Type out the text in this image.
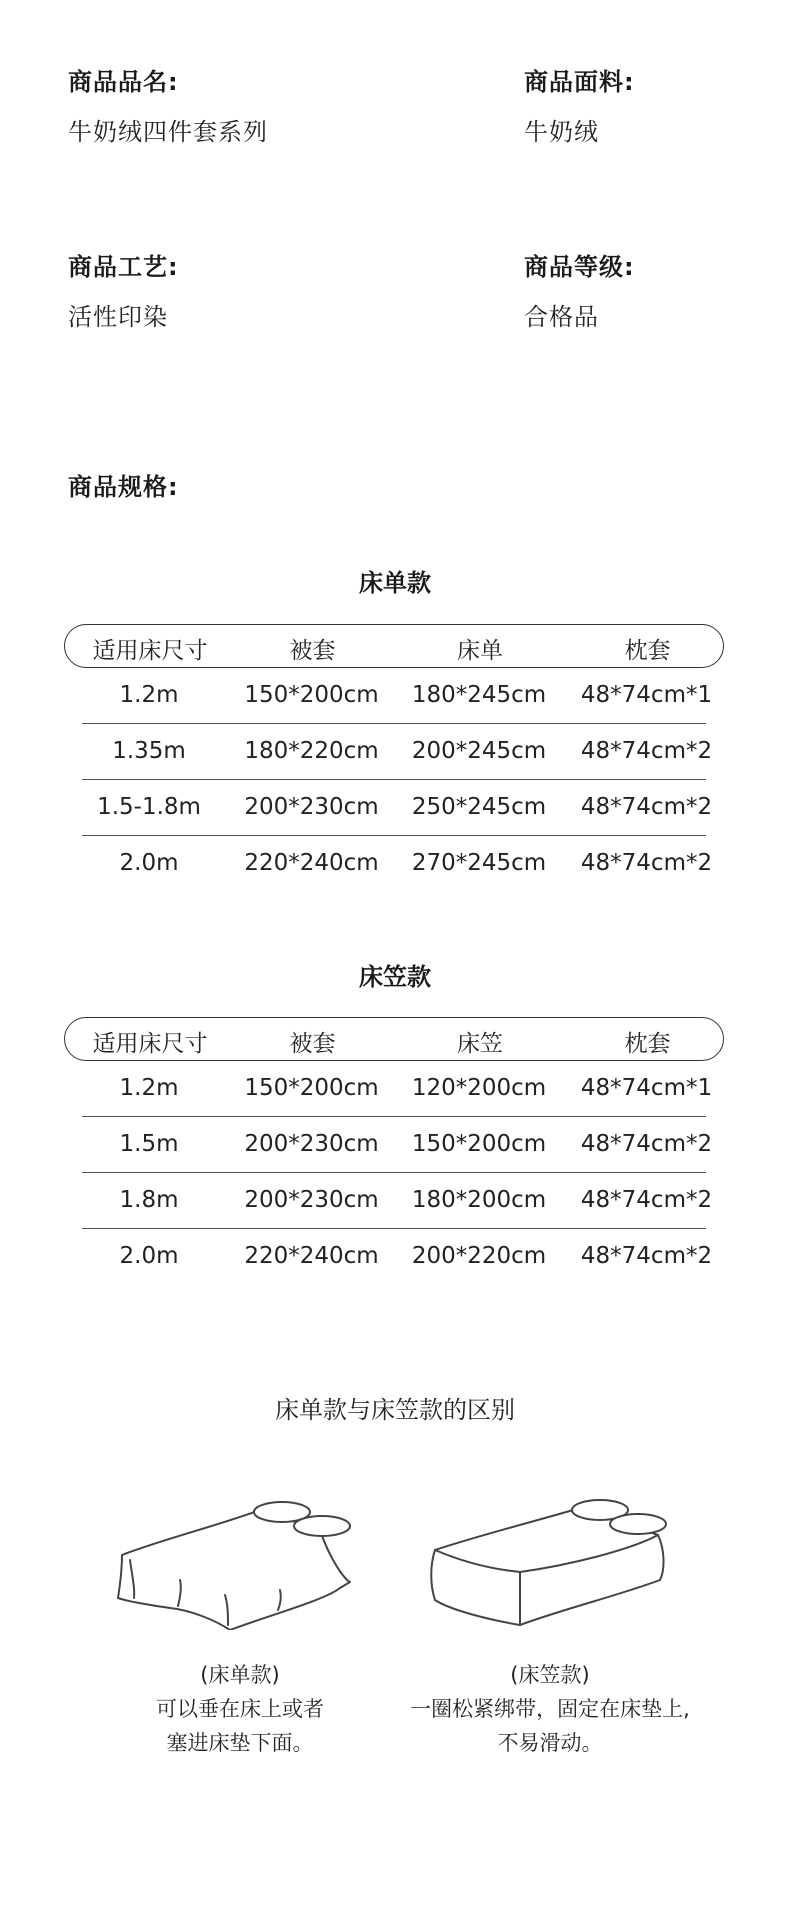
商品品名:
牛奶绒四件套系列
商品面料:
牛奶绒
商品工艺:
活性印染
商品等级:
合格品
商品规格:
床单款
适用床尺寸	被套	床单	枕套
1.2m	150*200cm	180*245cm	48*74cm*1
1.35m	180*220cm	200*245cm	48*74cm*2
1.5-1.8m	200*230cm	250*245cm	48*74cm*2
2.0m	220*240cm	270*245cm	48*74cm*2
床笠款
适用床尺寸	被套	床笠	枕套
1.2m	150*200cm	120*200cm	48*74cm*1
1.5m	200*230cm	150*200cm	48*74cm*2
1.8m	200*230cm	180*200cm	48*74cm*2
2.0m	220*240cm	200*220cm	48*74cm*2
床单款与床笠款的区别
(床单款)
可以垂在床上或者
塞进床垫下面。
(床笠款)
一圈松紧绑带，固定在床垫上,
不易滑动。
